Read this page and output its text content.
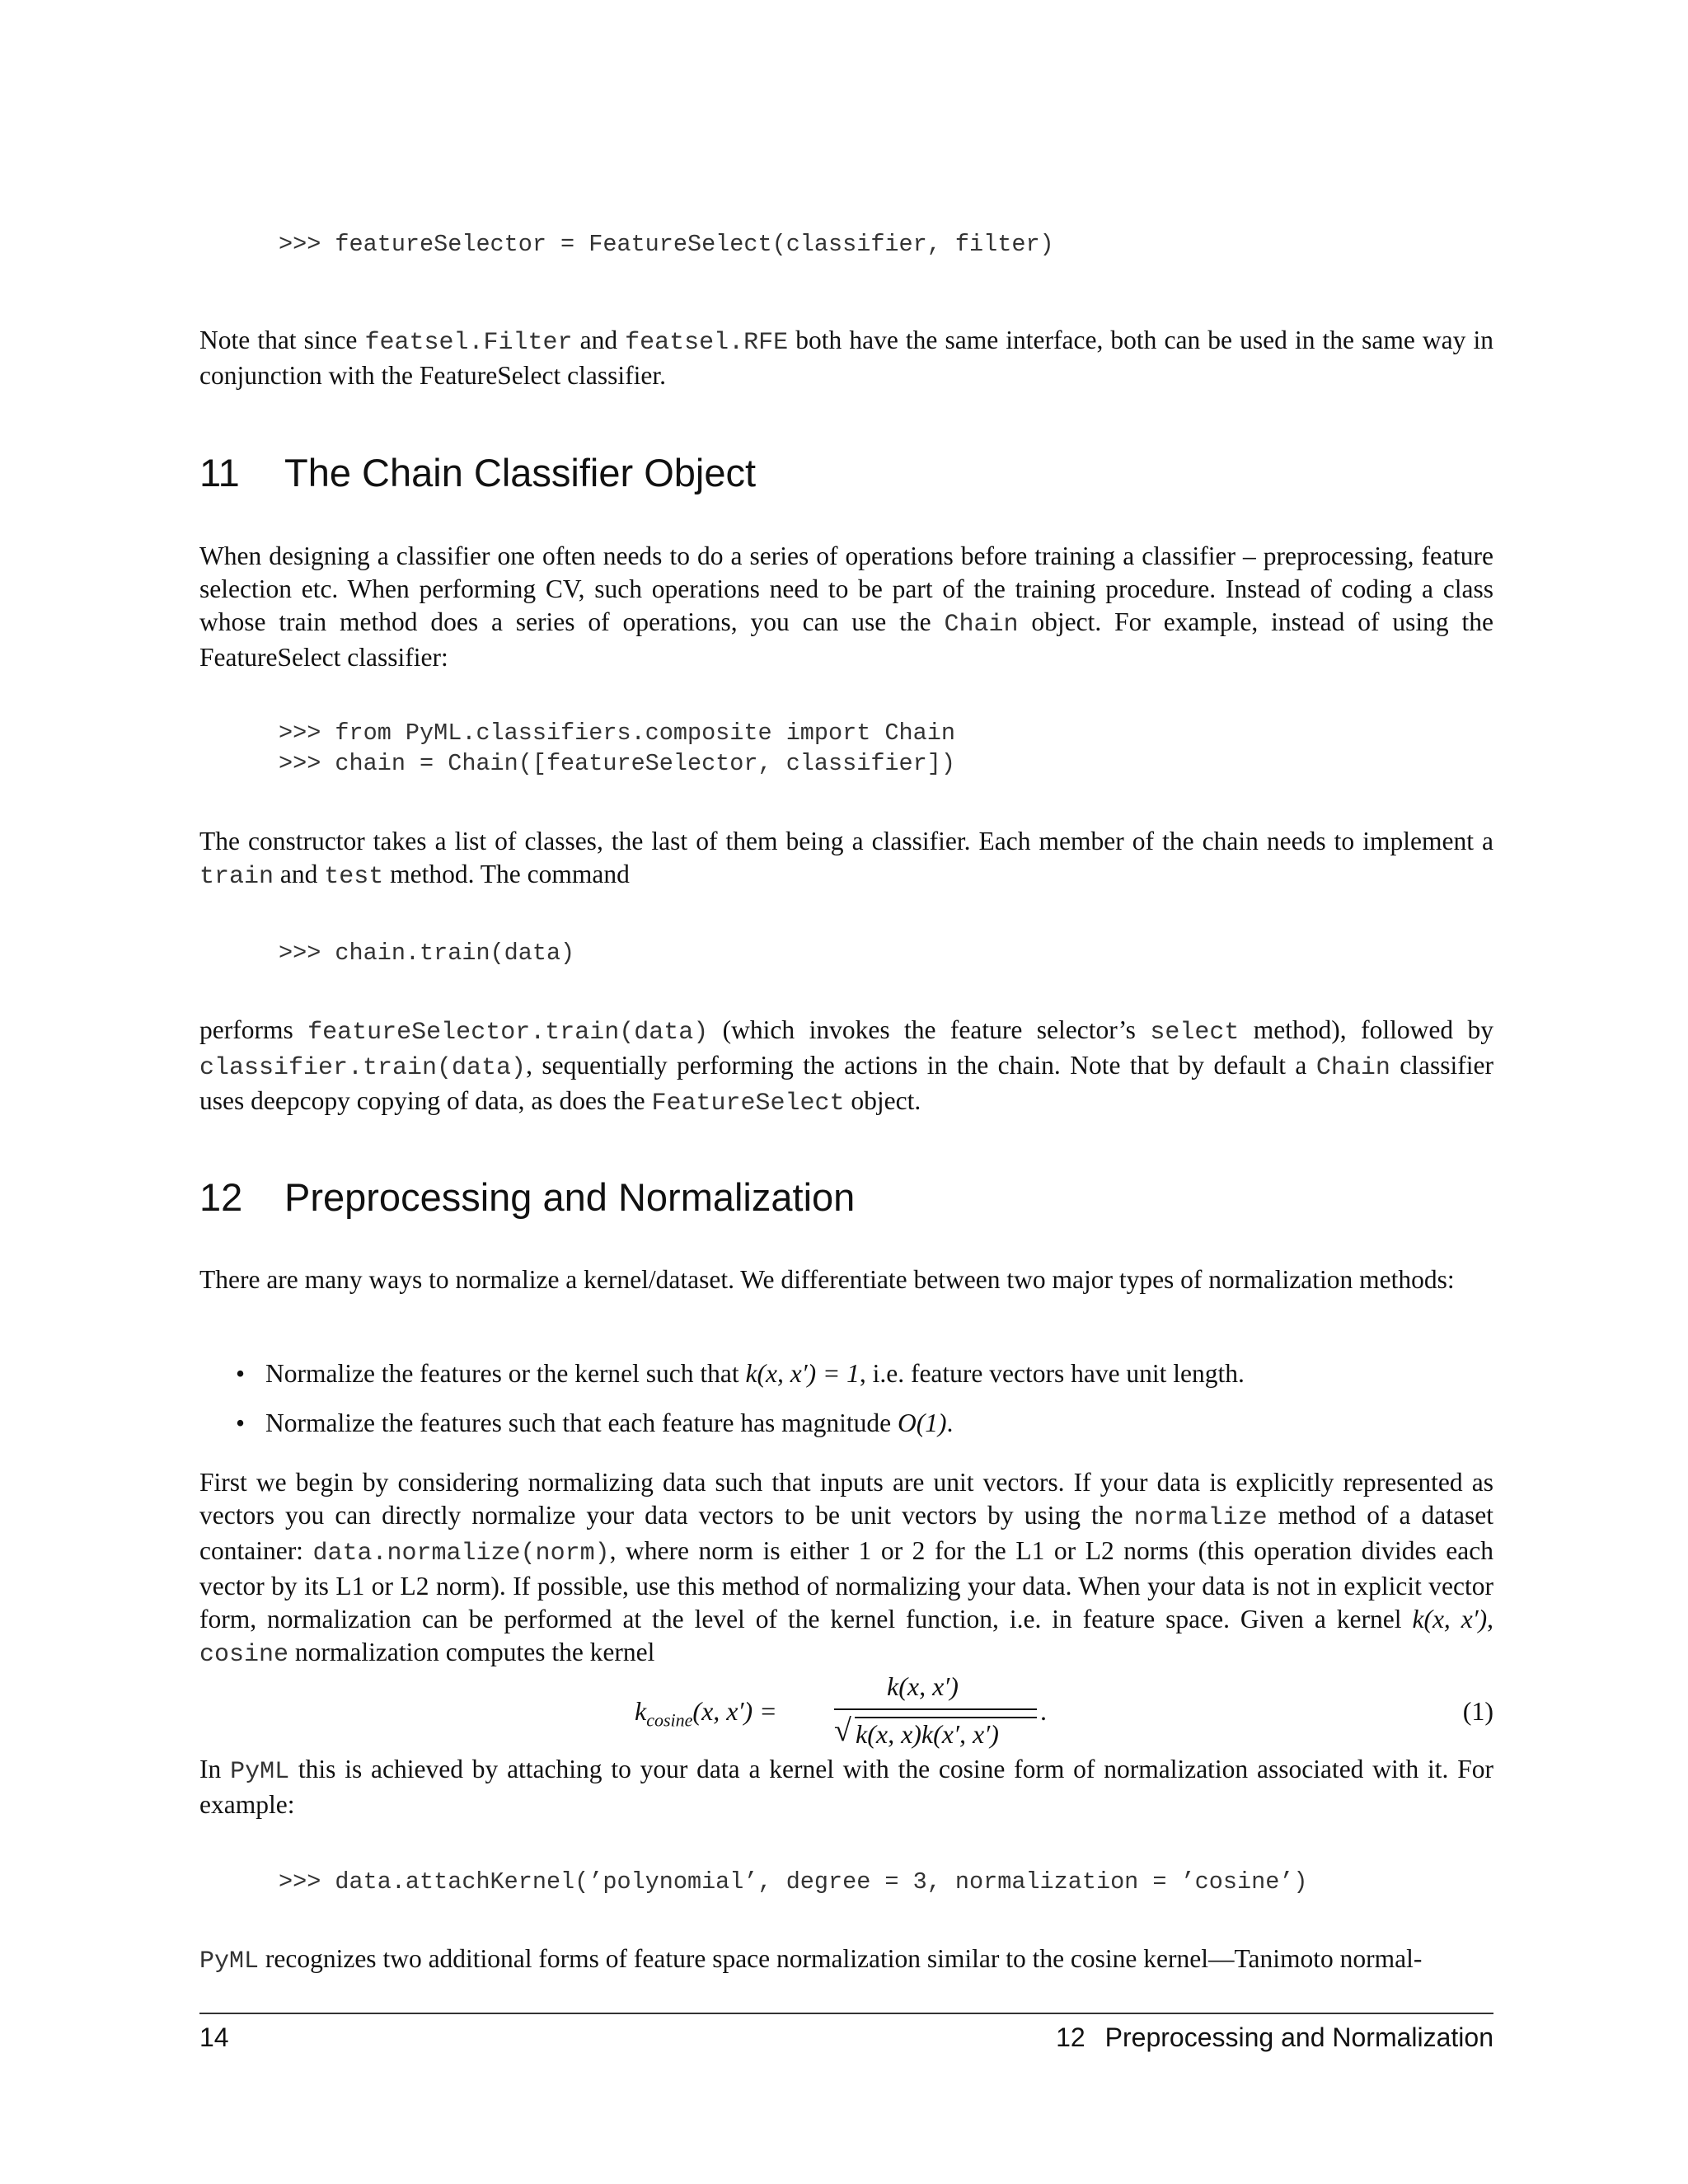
>>> featureSelector = FeatureSelect(classifier, filter)

Note that since featsel.Filter and featsel.RFE both have the same interface, both can be used in the same way in conjunction with the FeatureSelect classifier.

11 The Chain Classifier Object

When designing a classifier one often needs to do a series of operations before training a classifier – preprocessing, feature selection etc. When performing CV, such operations need to be part of the training procedure. Instead of coding a class whose train method does a series of operations, you can use the Chain object. For example, instead of using the FeatureSelect classifier:

>>> from PyML.classifiers.composite import Chain
>>> chain = Chain([featureSelector, classifier])

The constructor takes a list of classes, the last of them being a classifier. Each member of the chain needs to implement a train and test method. The command

>>> chain.train(data)

performs featureSelector.train(data) (which invokes the feature selector’s select method), followed by classifier.train(data), sequentially performing the actions in the chain. Note that by default a Chain classifier uses deepcopy copying of data, as does the FeatureSelect object.

12 Preprocessing and Normalization

There are many ways to normalize a kernel/dataset. We differentiate between two major types of normalization methods:

• Normalize the features or the kernel such that k(x, x′) = 1, i.e. feature vectors have unit length.
• Normalize the features such that each feature has magnitude O(1).

First we begin by considering normalizing data such that inputs are unit vectors. If your data is explicitly represented as vectors you can directly normalize your data vectors to be unit vectors by using the normalize method of a dataset container: data.normalize(norm), where norm is either 1 or 2 for the L1 or L2 norms (this operation divides each vector by its L1 or L2 norm). If possible, use this method of normalizing your data. When your data is not in explicit vector form, normalization can be performed at the level of the kernel function, i.e. in feature space. Given a kernel k(x, x′), cosine normalization computes the kernel

$k_{cosine}(x$, x′) =
k(x, x′)
√ k(x, x)k(x′, x′)
.	(1)

In PyML this is achieved by attaching to your data a kernel with the cosine form of normalization associated with it. For example:

>>> data.attachKernel(’polynomial’, degree = 3, normalization = ’cosine’)

PyML recognizes two additional forms of feature space normalization similar to the cosine kernel—Tanimoto normal-

14	12 Preprocessing and Normalization
